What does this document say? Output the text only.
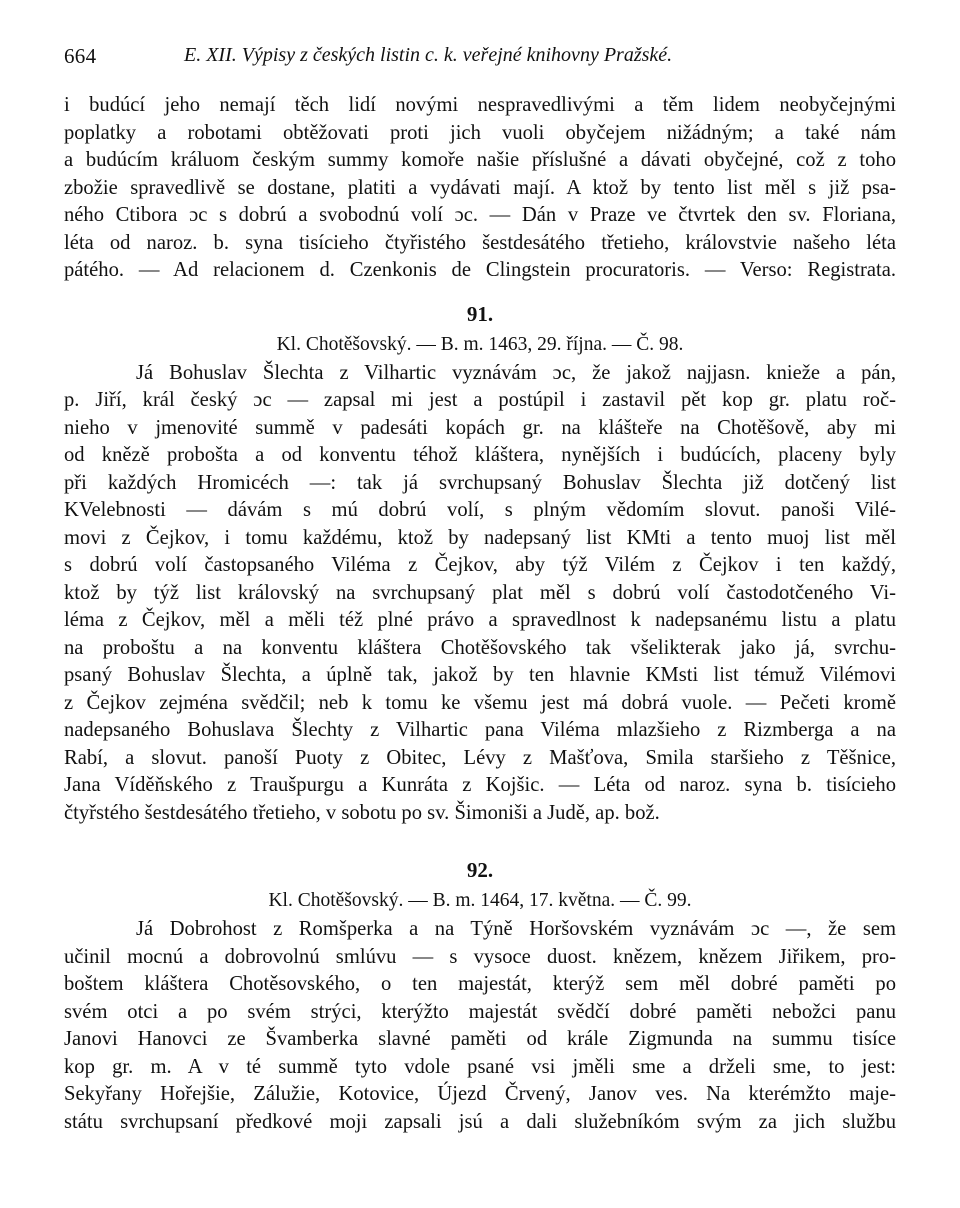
664	E. XII. Výpisy z českých listin c. k. veřejné knihovny Pražské.
i budúcí jeho nemají těch lidí novými nespravedlivými a těm lidem neobyčejnými
poplatky a robotami obtěžovati proti jich vuoli obyčejem nižádným; a také nám
a budúcím králuom českým summy komoře našie příslušné a dávati obyčejné, což z toho
zbožie spravedlivě se dostane, platiti a vydávati mají. A ktož by tento list měl s již psa-
ného Ctibora ɔc s dobrú a svobodnú volí ɔc. — Dán v Praze ve čtvrtek den sv. Floriana,
léta od naroz. b. syna tisícieho čtyřistého šestdesátého třetieho, královstvie našeho léta
pátého. — Ad relacionem d. Czenkonis de Clingstein procuratoris. — Verso: Registrata.
91.
Kl. Chotěšovský. — B. m. 1463, 29. října. — Č. 98.
Já Bohuslav Šlechta z Vilhartic vyznávám ɔc, že jakož najjasn. knieže a pán,
p. Jiří, král český ɔc — zapsal mi jest a postúpil i zastavil pět kop gr. platu roč-
nieho v jmenovité summě v padesáti kopách gr. na klášteře na Chotěšově, aby mi
od knězě probošta a od konventu téhož kláštera, nynějších i budúcích, placeny byly
při každých Hromicéch —: tak já svrchupsaný Bohuslav Šlechta již dotčený list
KVelebnosti — dávám s mú dobrú volí, s plným vědomím slovut. panoši Vilé-
movi z Čejkov, i tomu každému, ktož by nadepsaný list KMti a tento muoj list měl
s dobrú volí častopsaného Viléma z Čejkov, aby týž Vilém z Čejkov i ten každý,
ktož by týž list královský na svrchupsaný plat měl s dobrú volí častodotčeného Vi-
léma z Čejkov, měl a měli též plné právo a spravedlnost k nadepsanému listu a platu
na proboštu a na konventu kláštera Chotěšovského tak všelikterak jako já, svrchu-
psaný Bohuslav Šlechta, a úplně tak, jakož by ten hlavnie KMsti list témuž Vilémovi
z Čejkov zejména svědčil; neb k tomu ke všemu jest má dobrá vuole. — Pečeti kromě
nadepsaného Bohuslava Šlechty z Vilhartic pana Viléma mlazšieho z Rizmberga a na
Rabí, a slovut. panoší Puoty z Obitec, Lévy z Mašťova, Smila staršieho z Těšnice,
Jana Víděňského z Traušpurgu a Kunráta z Kojšic. — Léta od naroz. syna b. tisícieho
čtyřstého šestdesátého třetieho, v sobotu po sv. Šimoniši a Judě, ap. bož.
92.
Kl. Chotěšovský. — B. m. 1464, 17. května. — Č. 99.
Já Dobrohost z Romšperka a na Týně Horšovském vyznávám ɔc —, že sem
učinil mocnú a dobrovolnú smlúvu — s vysoce duost. knězem, knězem Jiřikem, pro-
boštem kláštera Chotěsovského, o ten majestát, kterýž sem měl dobré paměti po
svém otci a po svém strýci, kterýžto majestát svědčí dobré paměti nebožci panu
Janovi Hanovci ze Švamberka slavné paměti od krále Zigmunda na summu tisíce
kop gr. m. A v té summě tyto vdole psané vsi jměli sme a drželi sme, to jest:
Sekyřany Hořejšie, Zálužie, Kotovice, Újezd Črvený, Janov ves. Na kterémžto maje-
státu svrchupsaní předkové moji zapsali jsú a dali služebníkóm svým za jich službu
